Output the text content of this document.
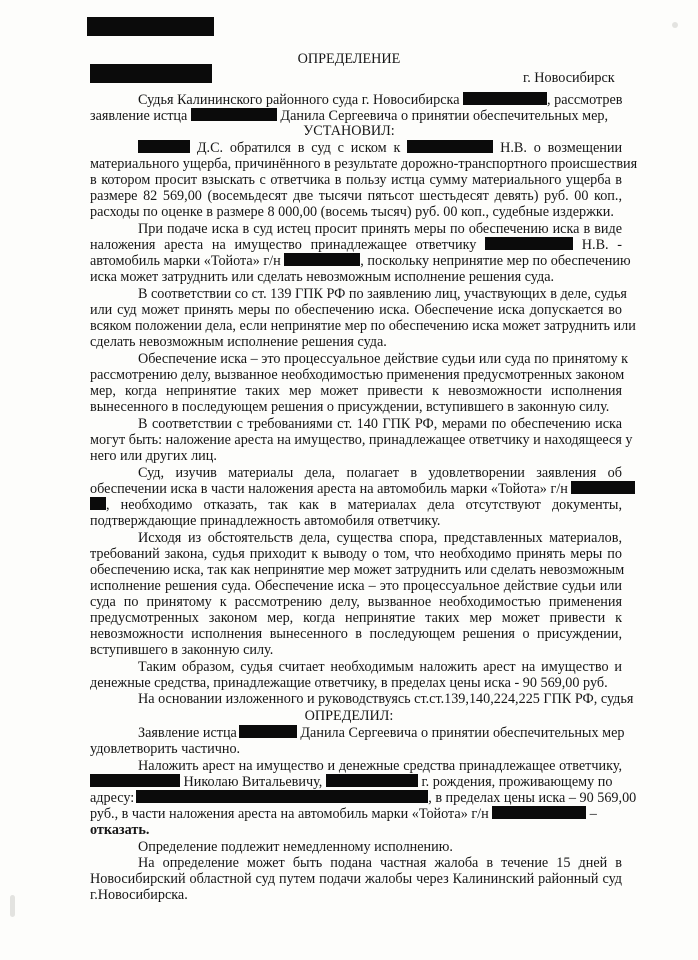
ОПРЕДЕЛЕНИЕ
г. Новосибирск
Судья Калининского районного суда г. Новосибирска	, рассмотрев
заявление истца	Данила Сергеевича о принятии обеспечительных мер,
УСТАНОВИЛ:
Д.С. обратился в суд с иском к	Н.В. о возмещении
материального ущерба, причинённого в результате дорожно-транспортного происшествия
в котором просит взыскать с ответчика в пользу истца сумму материального ущерба в
размере 82 569,00 (восемьдесят две тысячи пятьсот шестьдесят девять) руб. 00 коп.,
расходы по оценке в размере 8 000,00 (восемь тысяч) руб. 00 коп., судебные издержки.
При подаче иска в суд истец просит принять меры по обеспечению иска в виде
наложения ареста на имущество принадлежащее ответчику	Н.В. -
автомобиль марки «Тойота» г/н	, поскольку непринятие мер по обеспечению
иска может затруднить или сделать невозможным исполнение решения суда.
В соответствии со ст. 139 ГПК РФ по заявлению лиц, участвующих в деле, судья
или суд может принять меры по обеспечению иска. Обеспечение иска допускается во
всяком положении дела, если непринятие мер по обеспечению иска может затруднить или
сделать невозможным исполнение решения суда.
Обеспечение иска – это процессуальное действие судьи или суда по принятому к
рассмотрению делу, вызванное необходимостью применения предусмотренных законом
мер, когда непринятие таких мер может привести к невозможности исполнения
вынесенного в последующем решения о присуждении, вступившего в законную силу.
В соответствии с требованиями ст. 140 ГПК РФ, мерами по обеспечению иска
могут быть: наложение ареста на имущество, принадлежащее ответчику и находящееся у
него или других лиц.
Суд, изучив материалы дела, полагает в удовлетворении заявления об
обеспечении иска в части наложения ареста на автомобиль марки «Тойота» г/н
, необходимо отказать, так как в материалах дела отсутствуют документы,
подтверждающие принадлежность автомобиля ответчику.
Исходя из обстоятельств дела, существа спора, представленных материалов,
требований закона, судья приходит к выводу о том, что необходимо принять меры по
обеспечению иска, так как непринятие мер может затруднить или сделать невозможным
исполнение решения суда. Обеспечение иска – это процессуальное действие судьи или
суда по принятому к рассмотрению делу, вызванное необходимостью применения
предусмотренных законом мер, когда непринятие таких мер может привести к
невозможности исполнения вынесенного в последующем решения о присуждении,
вступившего в законную силу.
Таким образом, судья считает необходимым наложить арест на имущество и
денежные средства, принадлежащие ответчику, в пределах цены иска - 90 569,00 руб.
На основании изложенного и руководствуясь ст.ст.139,140,224,225 ГПК РФ, судья
ОПРЕДЕЛИЛ:
Заявление истца	Данила Сергеевича о принятии обеспечительных мер
удовлетворить частично.
Наложить арест на имущество и денежные средства принадлежащее ответчику,
Николаю Витальевичу,	г. рождения, проживающему по
адресу:	, в пределах цены иска – 90 569,00
руб., в части наложения ареста на автомобиль марки «Тойота» г/н	–
отказать.
Определение подлежит немедленному исполнению.
На определение может быть подана частная жалоба в течение 15 дней в
Новосибирский областной суд путем подачи жалобы через Калининский районный суд
г.Новосибирска.
